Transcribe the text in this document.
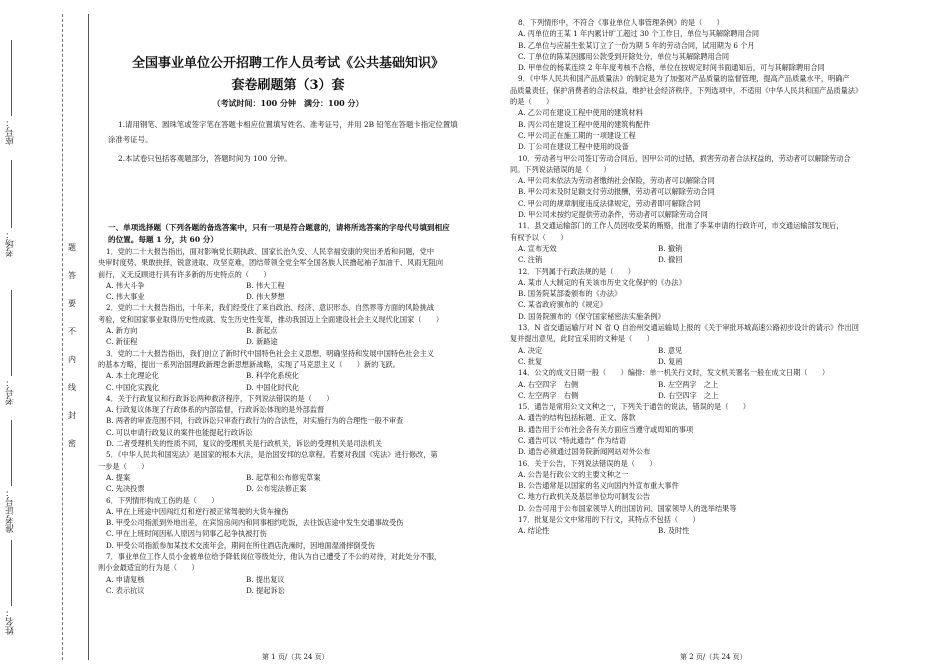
座号：
考场：
考号：
准考证号：
姓名：
题
答
要
不
内
线
封
密
全国事业单位公开招聘工作人员考试《公共基础知识》
套卷刷题第（3）套
（考试时间：100 分钟　满分：100 分）
1.请用钢笔、圆珠笔或签字笔在答题卡相应位置填写姓名、准考证号，并用 2B 铅笔在答题卡指定位置填
涂准考证号。
2.本试卷只包括客观题部分，答题时间为 100 分钟。

一、单项选择题（下列各题的备选答案中，只有一项是符合题意的，请将所选答案的字母代号填到相应

的位置。每题 1 分，共 60 分）

1．党的二十大报告指出，面对影响党长期执政、国家长治久安、人民幸福安康的突出矛盾和问题，党中

央审时度势、果敢抉择，锐意进取、攻坚克难，团结带领全党全军全国各族人民撸起袖子加油干、风雨无阻向

前行，义无反顾进行具有许多新的历史特点的（　　）

A. 伟大斗争	B. 伟大工程

C. 伟大事业	D. 伟大梦想

2．党的二十大报告指出，十年来，我们经受住了来自政治、经济、意识形态、自然界等方面的风险挑战

考验，党和国家事业取得历史性成就、发生历史性变革，推动我国迈上全面建设社会主义现代化国家（　　）

A. 新方向	B. 新起点

C. 新征程	D. 新路途

3．党的二十大报告指出，我们创立了新时代中国特色社会主义思想，明确坚持和发展中国特色社会主义

的基本方略，提出一系列治国理政新理念新思想新战略，实现了马克思主义（　　）新的飞跃。

A. 本土化理论化	B. 科学化系统化

C. 中国化实践化	D. 中国化时代化

4．关于行政复议和行政诉讼两种救济程序，下列说法错误的是（　　）

A. 行政复议体现了行政体系的内部监督，行政诉讼体现的是外部监督

B. 两者的审查范围不同，行政诉讼只审查行政行为的合法性，对实施行为的合理性一般不审查

C. 可以申请行政复议的案件也能提起行政诉讼

D. 二者受理机关的性质不同，复议的受理机关是行政机关，诉讼的受理机关是司法机关

5．《中华人民共和国宪法》是国家的根本大法，是治国安邦的总章程。若要对我国《宪法》进行修改，第

一步是（　　）

A. 提案	B. 起草和公布修宪草案

C. 先决投票	D. 公布宪法修正案

6．下列情形构成工伤的是（　　）

A. 甲在上班途中因闯红灯和逆行被正常驾驶的大货车撞伤

B. 甲受公司指派到外地出差，在宾馆房间内和同事相约吃饭，去往饭店途中发生交通事故受伤

C. 甲在上班时间因私人原因与同事乙起争执被打伤

D. 甲受公司指派参加某技术交流年会，期间在所住酒店洗澡时，因地面湿滑摔倒受伤

7．事业单位工作人员小金被单位给予降低岗位等级处分，他认为自己遭受了不公的对待，对此处分不服，

则小金最适宜的行为是（　　）

A. 申请复核	B. 提出复议

C. 表示抗议	D. 提起诉讼

8．下列情形中，不符合《事业单位人事管理条例》的是（　　）

A. 丙单位的王某 1 年内累计旷工超过 30 个工作日，单位与其解除聘用合同

B. 乙单位与应届生张某订立了一份为期 5 年的劳动合同，试用期为 6 个月

C. 丁单位的陈某因挪用公款受到开除处分，单位与其解除聘用合同

D. 甲单位的杨某连续 2 年年度考核不合格，单位在按规定时间书面通知后，可与其解除聘用合同

9．《中华人民共和国产品质量法》的制定是为了加强对产品质量的监督管理，提高产品质量水平，明确产

品质量责任，保护消费者的合法权益，维护社会经济秩序，下列选项中，不适用《中华人民共和国产品质量法》

的是（　　）

A. 乙公司在建设工程中使用的建筑材料

B. 丙公司在建设工程中使用的建筑构配件

C. 甲公司正在施工期的一项建设工程

D. 丁公司在建设工程中使用的设备

10．劳动者与甲公司签订劳动合同后，因甲公司的过错，损害劳动者合法权益的，劳动者可以解除劳动合

同。下列说法错误的是（　　）

A. 甲公司未依法为劳动者缴纳社会保险，劳动者可以解除合同

B. 甲公司未及时足额支付劳动报酬，劳动者可以解除劳动合同

C. 甲公司的规章制度违反法律规定，劳动者即可解除合同

D. 甲公司未按约定提供劳动条件，劳动者可以解除劳动合同

11．县交通运输部门的工作人员因收受某的贿赂，批准了李某申请的行政许可，市交通运输部发现后，

有权予以（　　）

A. 宣布无效	B. 撤销

C. 注销	D. 撤回

12．下列属于行政法规的是（　　）

A. 某市人大制定的有关该市历史文化保护的《办法》

B. 国务院某部委颁布的《办法》

C. 某省政府颁布的《规定》

D. 国务院颁布的《保守国家秘密法实施条例》

13．N 省交通运输厅对 N 省 Q 自治州交通运输局上报的《关于审批环城高速公路初步设计的请示》作出回

复并提出意见，此时宜采用的文种是（　　）

A. 决定	B. 意见

C. 批复	D. 复函

14．公文的成文日期一般（　　）编排：单一机关行文时，发文机关署名一般在成文日期（　　）

A. 右空四字　右侧	B. 左空两字　之上

C. 左空两字　右侧	D. 右空四字　之上

15．通告是常用公文文种之一，下列关于通告的说法，错误的是（　　）

A. 通告的结构包括标题、正文、落款

B. 通告用于公布社会各有关方面应当遵守或周知的事项

C. 通告可以 “特此通告” 作为结语

D. 通告必须通过国务院新闻网站对外公布

16．关于公告，下列说法错误的是（　　）

A. 公告是行政公文的主要文种之一

B. 公告通常是以国家的名义向国内外宣布重大事件

C. 地方行政机关及基层单位均可制发公告

D. 公告可用于公布国家领导人的出国访问、国家领导人的选举结果等

17．批复是公文中常用的下行文，其特点不包括（　　）

A. 结论性	B. 及时性

第 1 页/（共 24 页）	第 2 页/（共 24 页）
